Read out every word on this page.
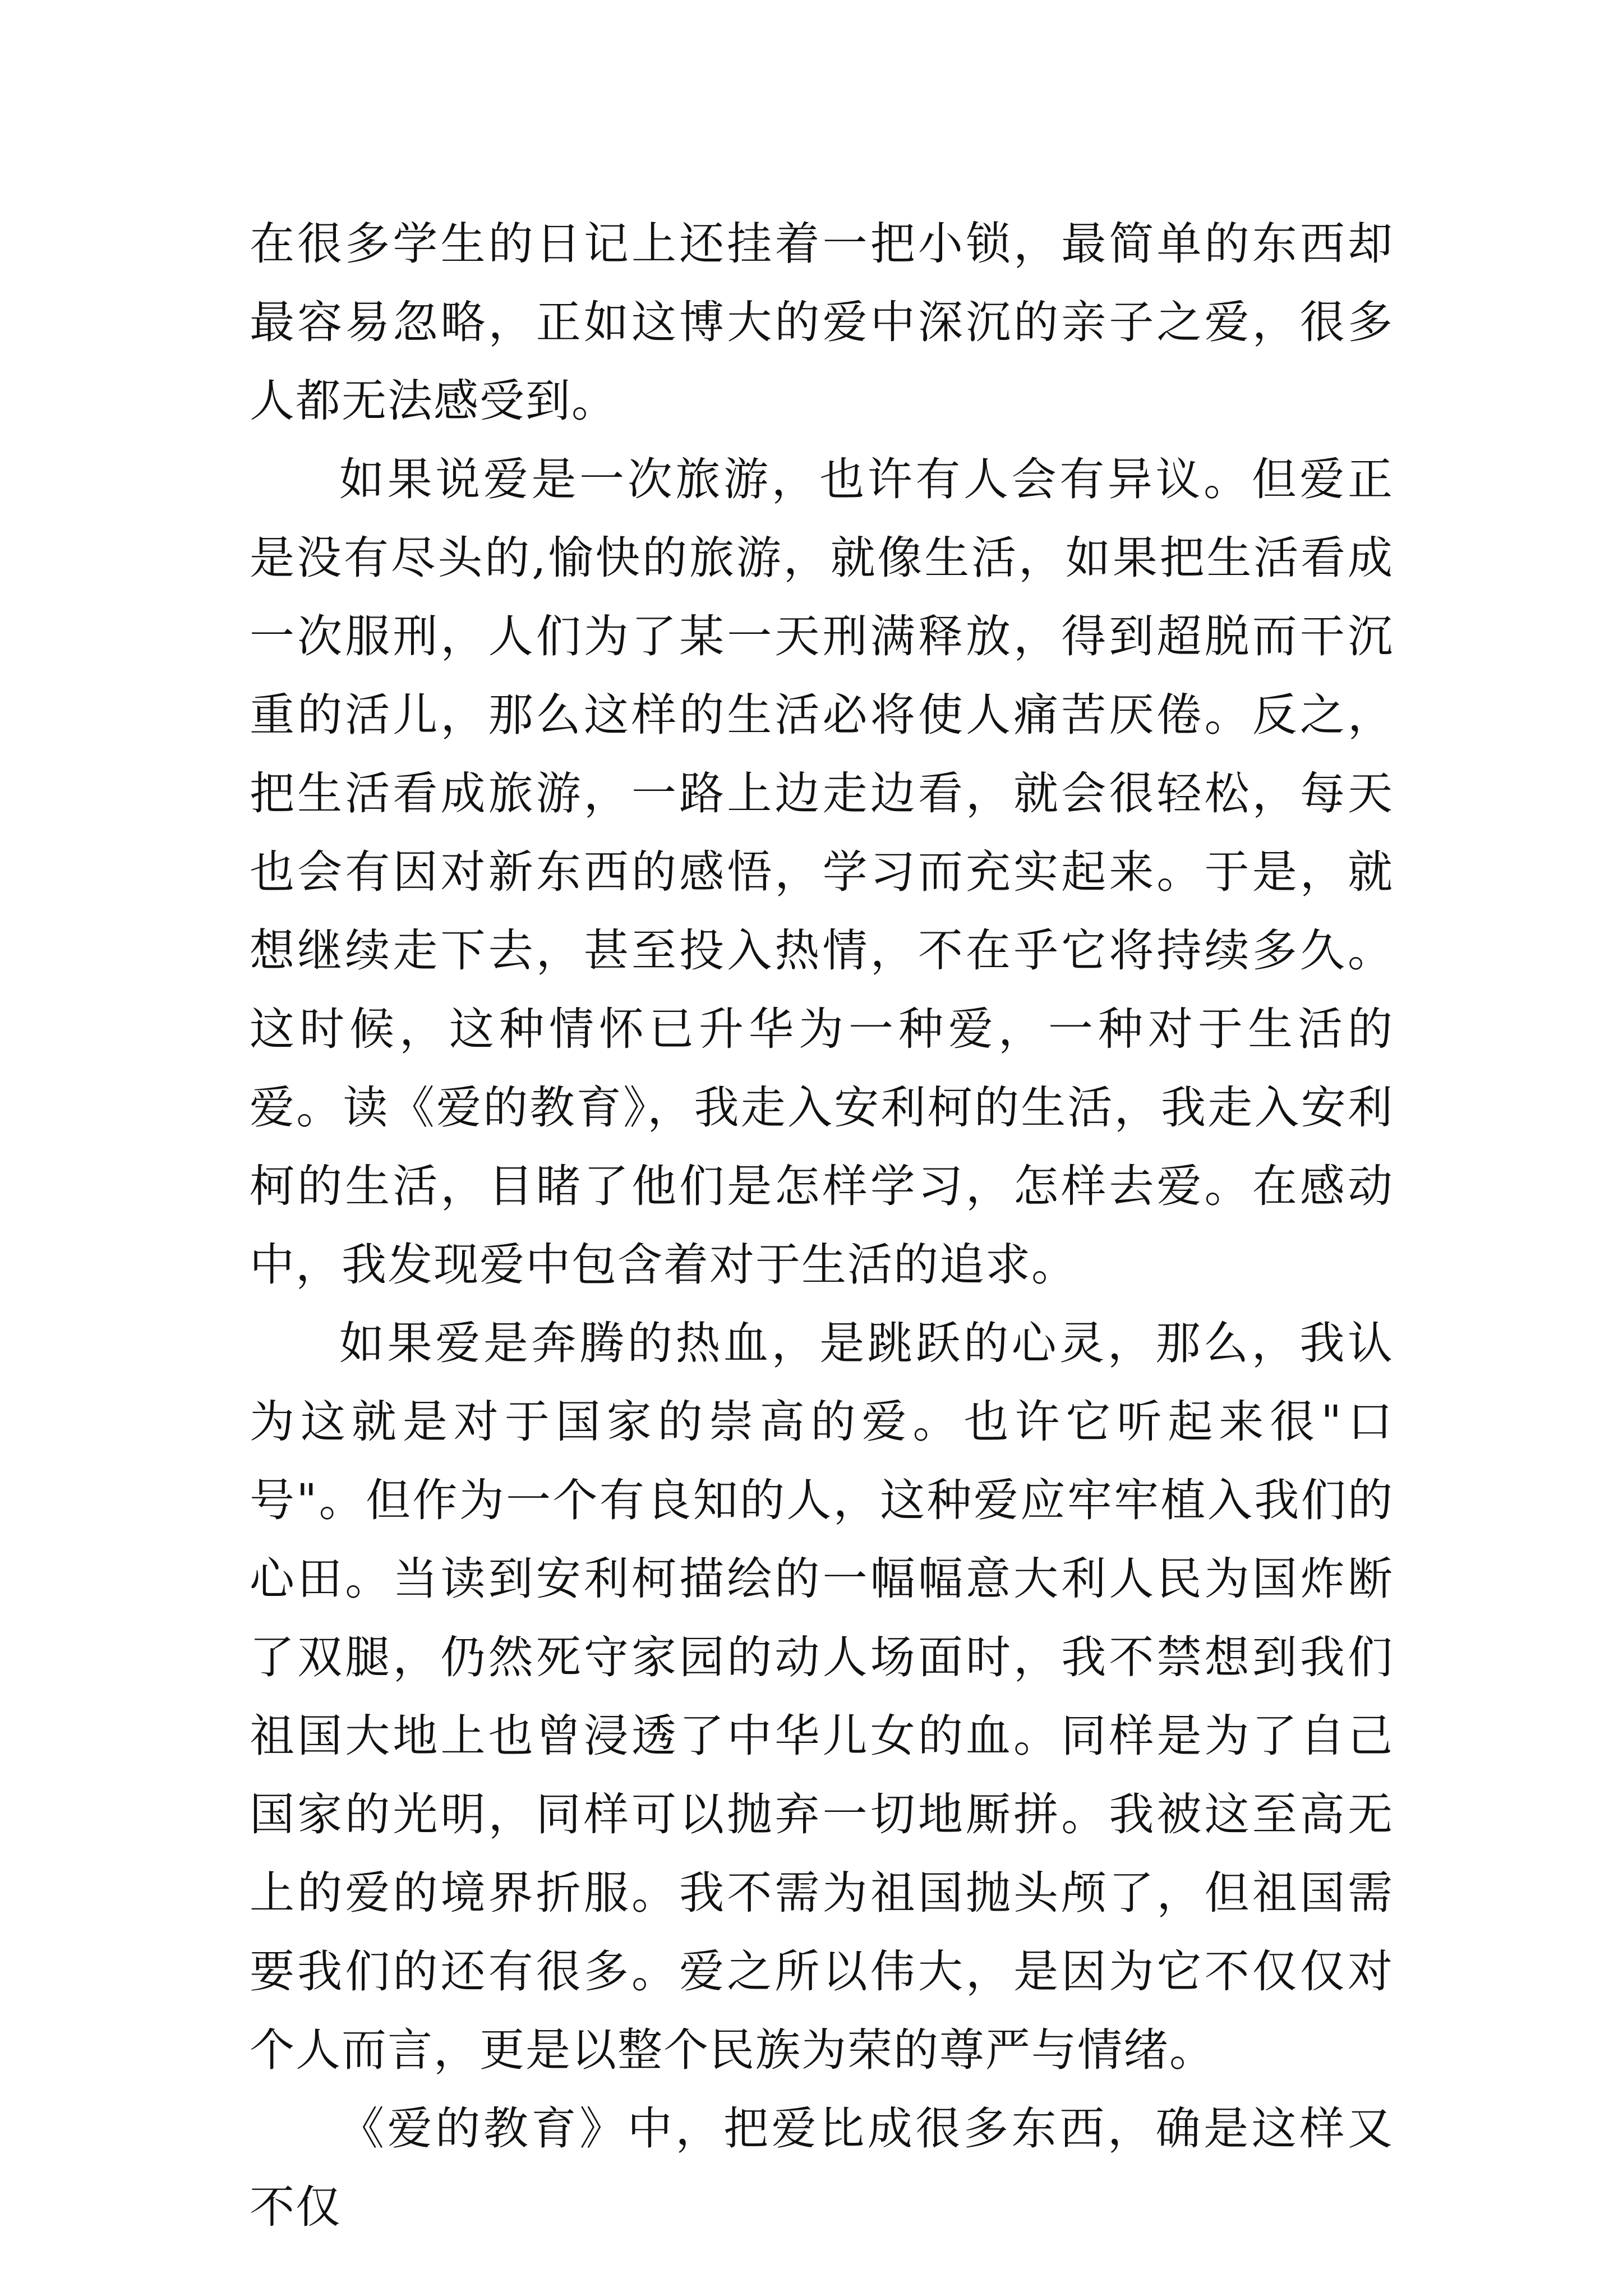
在很多学生的日记上还挂着一把小锁，最简单的东西却最容易忽略，正如这博大的爱中深沉的亲子之爱，很多人都无法感受到。

如果说爱是一次旅游，也许有人会有异议。但爱正是没有尽头的,愉快的旅游，就像生活，如果把生活看成一次服刑，人们为了某一天刑满释放，得到超脱而干沉重的活儿，那么这样的生活必将使人痛苦厌倦。反之，把生活看成旅游，一路上边走边看，就会很轻松，每天也会有因对新东西的感悟，学习而充实起来。于是，就想继续走下去，甚至投入热情，不在乎它将持续多久。这时候，这种情怀已升华为一种爱，一种对于生活的爱。读《爱的教育》，我走入安利柯的生活，我走入安利柯的生活，目睹了他们是怎样学习，怎样去爱。在感动中，我发现爱中包含着对于生活的追求。

如果爱是奔腾的热血，是跳跃的心灵，那么，我认为这就是对于国家的崇高的爱。也许它听起来很"口号"。但作为一个有良知的人，这种爱应牢牢植入我们的心田。当读到安利柯描绘的一幅幅意大利人民为国炸断了双腿，仍然死守家园的动人场面时，我不禁想到我们祖国大地上也曾浸透了中华儿女的血。同样是为了自己国家的光明，同样可以抛弃一切地厮拼。我被这至高无上的爱的境界折服。我不需为祖国抛头颅了，但祖国需要我们的还有很多。爱之所以伟大，是因为它不仅仅对个人而言，更是以整个民族为荣的尊严与情绪。

《爱的教育》中，把爱比成很多东西，确是这样又不仅
